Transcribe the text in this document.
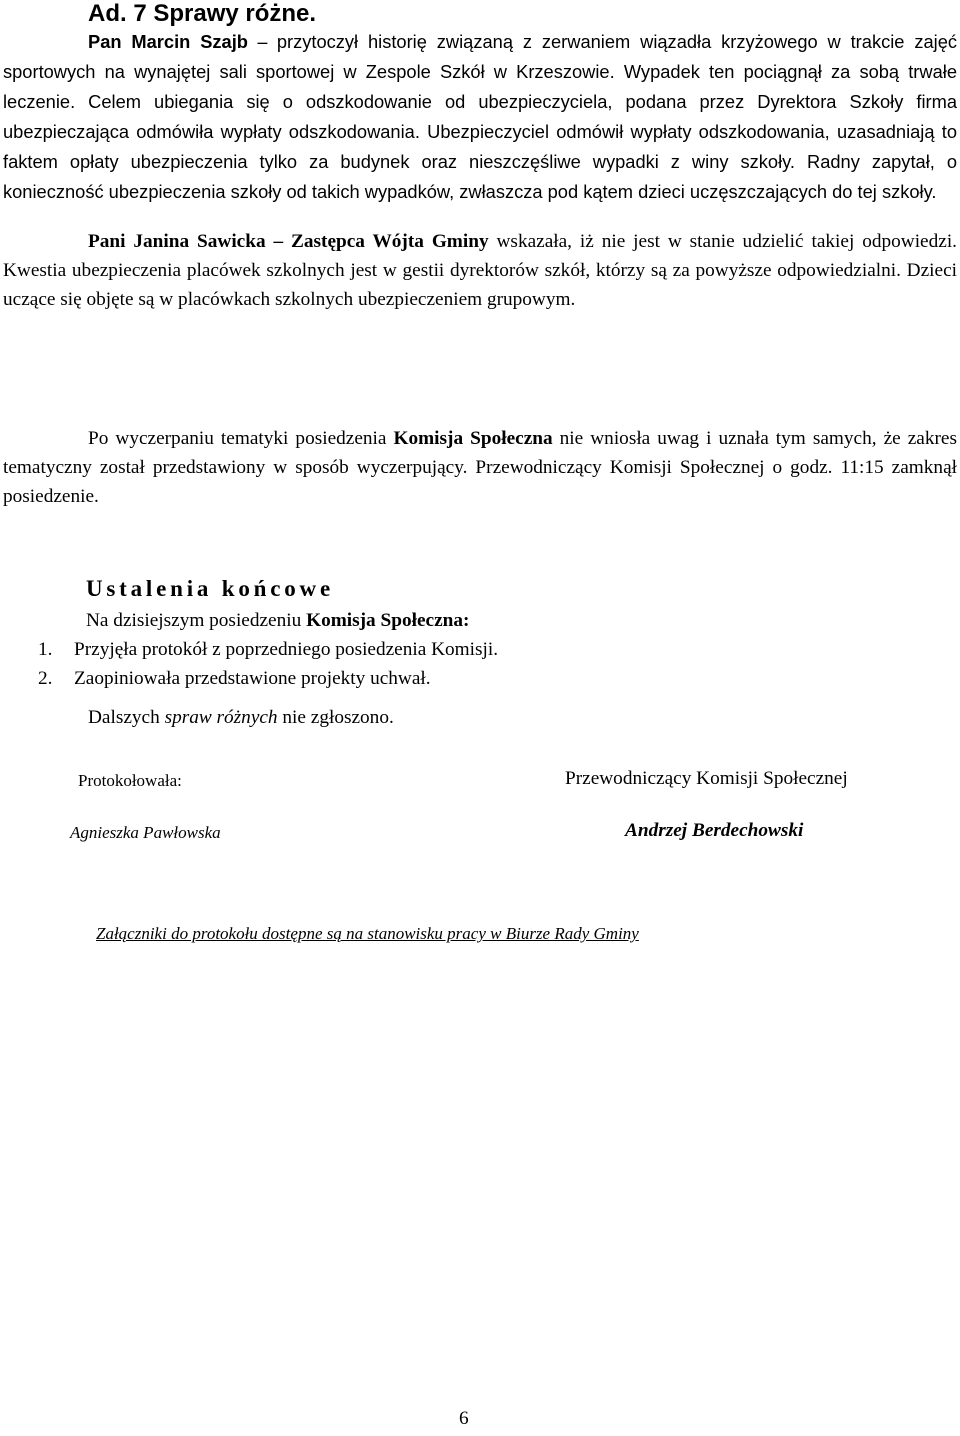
Ad. 7 Sprawy różne.

Pan Marcin Szajb – przytoczył historię związaną z zerwaniem wiązadła krzyżowego w trakcie zajęć sportowych na wynajętej sali sportowej w Zespole Szkół w Krzeszowie. Wypadek ten pociągnął za sobą trwałe leczenie. Celem ubiegania się o odszkodowanie od ubezpieczyciela, podana przez Dyrektora Szkoły firma ubezpieczająca odmówiła wypłaty odszkodowania. Ubezpieczyciel odmówił wypłaty odszkodowania, uzasadniają to faktem opłaty ubezpieczenia tylko za budynek oraz nieszczęśliwe wypadki z winy szkoły. Radny zapytał, o konieczność ubezpieczenia szkoły od takich wypadków, zwłaszcza pod kątem dzieci uczęszczających do tej szkoły.

Pani Janina Sawicka – Zastępca Wójta Gminy wskazała, iż nie jest w stanie udzielić takiej odpowiedzi. Kwestia ubezpieczenia placówek szkolnych jest w gestii dyrektorów szkół, którzy są za powyższe odpowiedzialni. Dzieci uczące się objęte są w placówkach szkolnych ubezpieczeniem grupowym.

Po wyczerpaniu tematyki posiedzenia Komisja Społeczna nie wniosła uwag i uznała tym samych, że zakres tematyczny został przedstawiony w sposób wyczerpujący. Przewodniczący Komisji Społecznej o godz. 11:15 zamknął posiedzenie.

Dalszych spraw różnych nie zgłoszono.

Ustalenia końcowe

Na dzisiejszym posiedzeniu Komisja Społeczna:

1. Przyjęła protokół z poprzedniego posiedzenia Komisji.
2. Zaopiniowała przedstawione projekty uchwał.

Protokołowała:

Agnieszka Pawłowska

Przewodniczący Komisji Społecznej

Andrzej Berdechowski

Załączniki do protokołu dostępne są na stanowisku pracy w Biurze Rady Gminy

6
